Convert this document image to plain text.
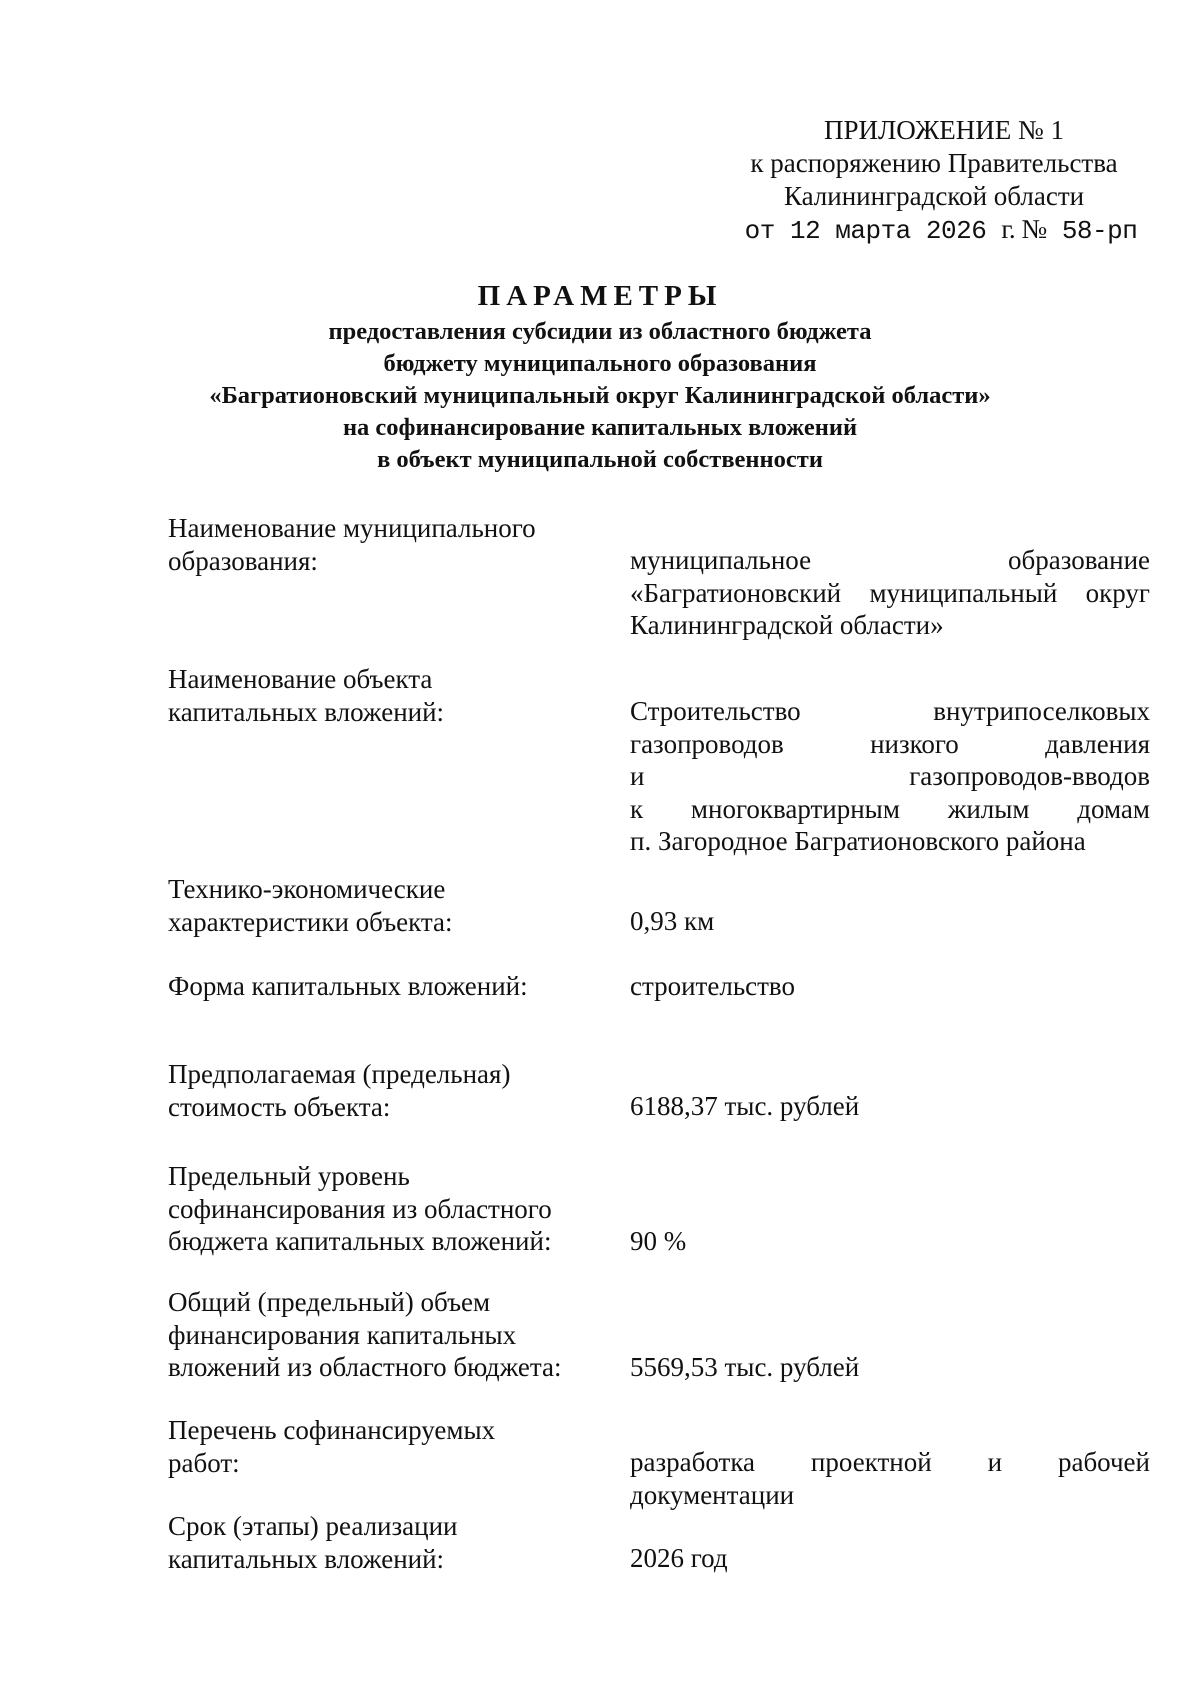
ПРИЛОЖЕНИЕ № 1
к распоряжению Правительства
Калининградской области
от 12 марта 2026 г. № 58-рп
ПАРАМЕТРЫ
предоставления субсидии из областного бюджета
бюджету муниципального образования
«Багратионовский муниципальный округ Калининградской области»
на софинансирование капитальных вложений
в объект муниципальной собственности
Наименование муниципального
образования:	муниципальное образование
«Багратионовский муниципальный округ
Калининградской области»
Наименование объекта
капитальных вложений:	Строительство внутрипоселковых
газопроводов низкого давления
и газопроводов-вводов
к многоквартирным жилым домам
п. Загородное Багратионовского района
Технико-экономические
характеристики объекта:	0,93 км
Форма капитальных вложений:	строительство
Предполагаемая (предельная)
стоимость объекта:	6188,37 тыс. рублей
Предельный уровень
софинансирования из областного
бюджета капитальных вложений:	90 %
Общий (предельный) объем
финансирования капитальных
вложений из областного бюджета:	5569,53 тыс. рублей
Перечень софинансируемых
работ:	разработка проектной и рабочей
документации
Срок (этапы) реализации
капитальных вложений:	2026 год
